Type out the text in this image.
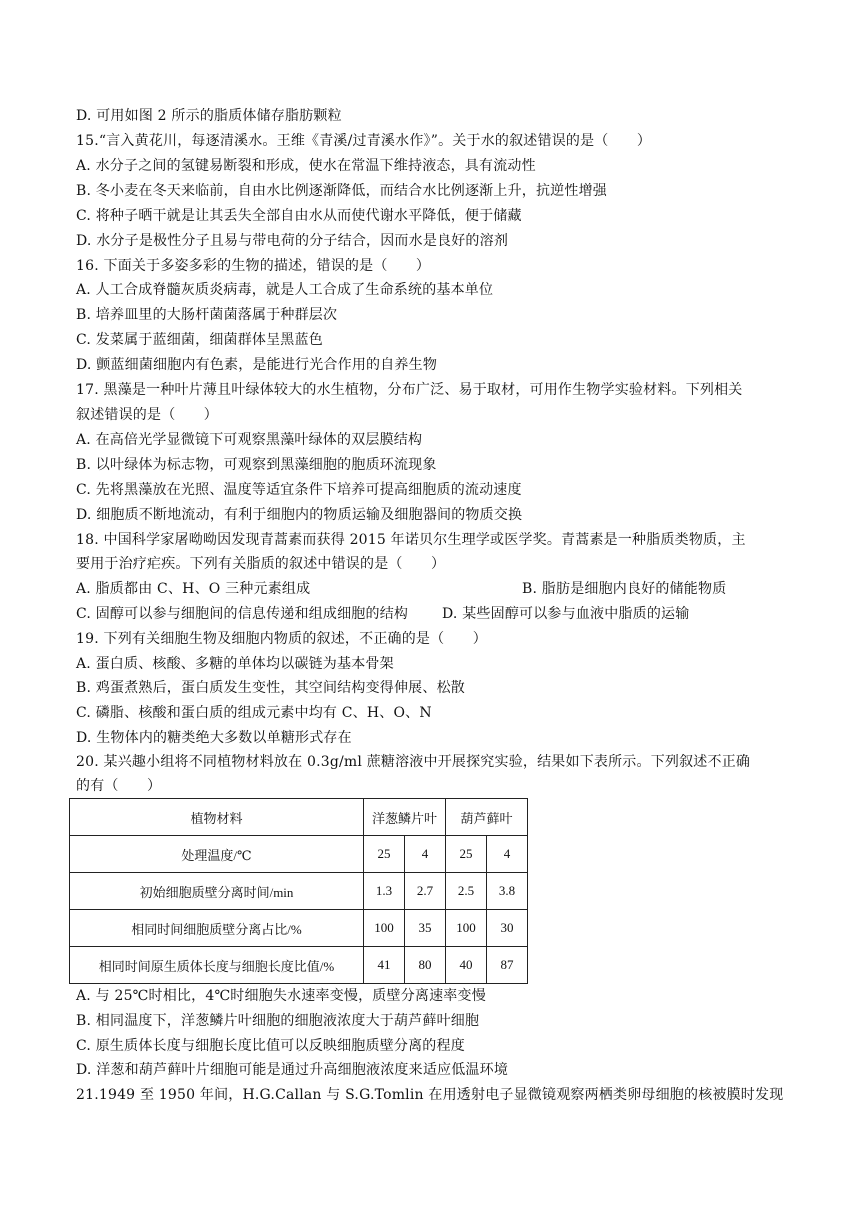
D. 可用如图 2 所示的脂质体储存脂肪颗粒
15.“言入黄花川，每逐清溪水。王维《青溪/过青溪水作》”。关于水的叙述错误的是（　　）
A. 水分子之间的氢键易断裂和形成，使水在常温下维持液态，具有流动性
B. 冬小麦在冬天来临前，自由水比例逐渐降低，而结合水比例逐渐上升，抗逆性增强
C. 将种子晒干就是让其丢失全部自由水从而使代谢水平降低，便于储藏
D. 水分子是极性分子且易与带电荷的分子结合，因而水是良好的溶剂
16. 下面关于多姿多彩的生物的描述，错误的是（　　）
A. 人工合成脊髓灰质炎病毒，就是人工合成了生命系统的基本单位
B. 培养皿里的大肠杆菌菌落属于种群层次
C. 发菜属于蓝细菌，细菌群体呈黑蓝色
D. 颤蓝细菌细胞内有色素，是能进行光合作用的自养生物
17. 黑藻是一种叶片薄且叶绿体较大的水生植物，分布广泛、易于取材，可用作生物学实验材料。下列相关
叙述错误的是（　　）
A. 在高倍光学显微镜下可观察黑藻叶绿体的双层膜结构
B. 以叶绿体为标志物，可观察到黑藻细胞的胞质环流现象
C. 先将黑藻放在光照、温度等适宜条件下培养可提高细胞质的流动速度
D. 细胞质不断地流动，有利于细胞内的物质运输及细胞器间的物质交换
18. 中国科学家屠呦呦因发现青蒿素而获得 2015 年诺贝尔生理学或医学奖。青蒿素是一种脂质类物质，主
要用于治疗疟疾。下列有关脂质的叙述中错误的是（　　）
A. 脂质都由 C、H、O 三种元素组成	B. 脂肪是细胞内良好的储能物质
C. 固醇可以参与细胞间的信息传递和组成细胞的结构 D. 某些固醇可以参与血液中脂质的运输
19. 下列有关细胞生物及细胞内物质的叙述，不正确的是（　　）
A. 蛋白质、核酸、多糖的单体均以碳链为基本骨架
B. 鸡蛋煮熟后，蛋白质发生变性，其空间结构变得伸展、松散
C. 磷脂、核酸和蛋白质的组成元素中均有 C、H、O、N
D. 生物体内的糖类绝大多数以单糖形式存在
20. 某兴趣小组将不同植物材料放在 0.3g/ml 蔗糖溶液中开展探究实验，结果如下表所示。下列叙述不正确
的有（　　）
植物材料	洋葱鳞片叶		葫芦藓叶	
处理温度/℃	25	4	25	4
初始细胞质壁分离时间/min	1.3	2.7	2.5	3.8
相同时间细胞质壁分离占比/%	100	35	100	30
相同时间原生质体长度与细胞长度比值/%	41	80	40	87
A. 与 25℃时相比，4℃时细胞失水速率变慢，质壁分离速率变慢
B. 相同温度下，洋葱鳞片叶细胞的细胞液浓度大于葫芦藓叶细胞
C. 原生质体长度与细胞长度比值可以反映细胞质壁分离的程度
D. 洋葱和葫芦藓叶片细胞可能是通过升高细胞液浓度来适应低温环境
21.1949 至 1950 年间，H.G.Callan 与 S.G.Tomlin 在用透射电子显微镜观察两栖类卵母细胞的核被膜时发现
